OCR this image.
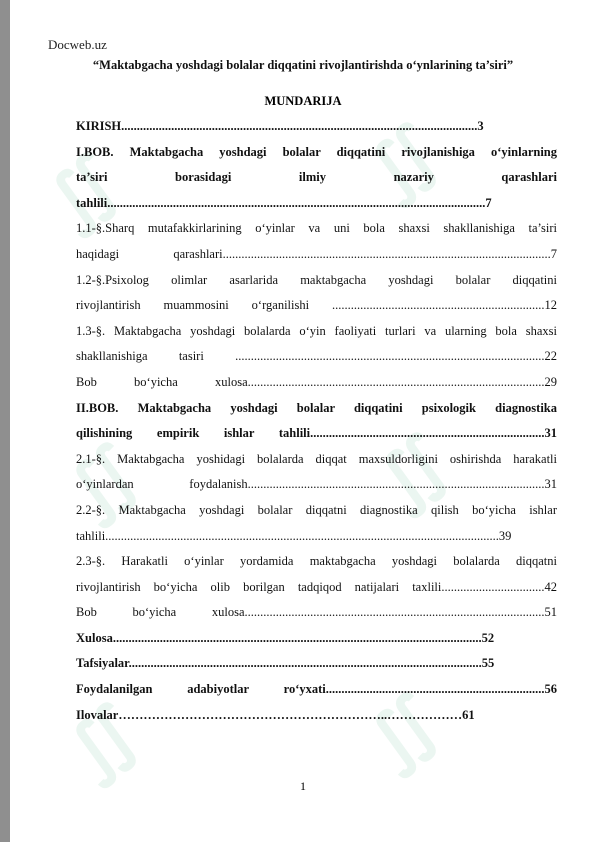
∬	∬
∬	∬
∬	∬
Docweb.uz
“Maktabgacha yoshdagi bolalar diqqatini rivojlantirishda o‘ynlarining ta’siri”
MUNDARIJA
KIRISH..................................................................................................................3
I.BOB. Maktabgacha yoshdagi bolalar diqqatini rivojlanishiga o‘yinlarning
ta’siri borasidagi ilmiy nazariy qarashlari
tahlili.........................................................................................................................7
1.1-§.Sharq mutafakkirlarining o‘yinlar va uni bola shaxsi shakllanishiga ta’siri
haqidagi qarashlari.........................................................................................................7
1.2-§.Psixolog olimlar asarlarida maktabgacha yoshdagi bolalar diqqatini
rivojlantirish muammosini o‘rganilishi ....................................................................12
1.3-§. Maktabgacha yoshdagi bolalarda o‘yin faoliyati turlari va ularning bola shaxsi
shakllanishiga tasiri ...................................................................................................22
Bob bo‘yicha xulosa...............................................................................................29
II.BOB. Maktabgacha yoshdagi bolalar diqqatini psixologik diagnostika
qilishining empirik ishlar tahlili...........................................................................31
2.1-§. Maktabgacha yoshidagi bolalarda diqqat maxsuldorligini oshirishda harakatli
o‘yinlardan foydalanish...............................................................................................31
2.2-§. Maktabgacha yoshdagi bolalar diqqatni diagnostika qilish bo‘yicha ishlar
tahlili..............................................................................................................................39
2.3-§. Harakatli o‘yinlar yordamida maktabgacha yoshdagi bolalarda diqqatni
rivojlantirish bo‘yicha olib borilgan tadqiqod natijalari taxlili.................................42
Bob bo‘yicha xulosa................................................................................................51
Xulosa......................................................................................................................52
Tafsiyalar.................................................................................................................55
Foydalanilgan adabiyotlar ro‘yxati......................................................................56
Ilovalar………………………………………………………..………………61
1
